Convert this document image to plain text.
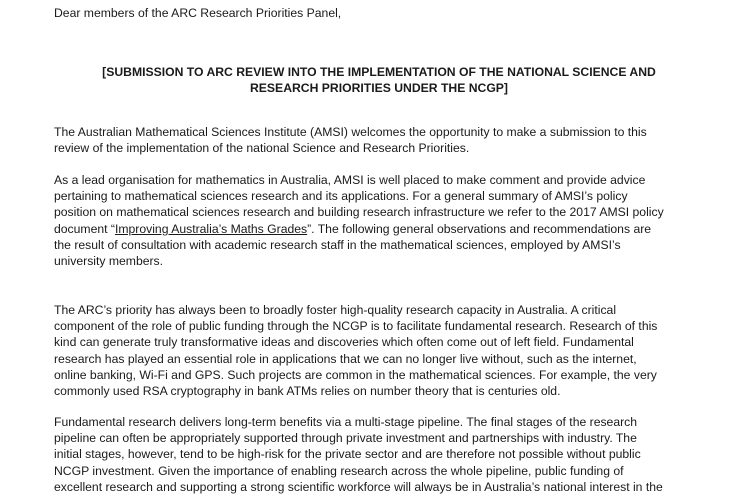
Dear members of the ARC Research Priorities Panel,
[SUBMISSION TO ARC REVIEW INTO THE IMPLEMENTATION OF THE NATIONAL SCIENCE AND
RESEARCH PRIORITIES UNDER THE NCGP]
The Australian Mathematical Sciences Institute (AMSI) welcomes the opportunity to make a submission to this
review of the implementation of the national Science and Research Priorities.
As a lead organisation for mathematics in Australia, AMSI is well placed to make comment and provide advice
pertaining to mathematical sciences research and its applications. For a general summary of AMSI’s policy
position on mathematical sciences research and building research infrastructure we refer to the 2017 AMSI policy
document “Improving Australia’s Maths Grades”. The following general observations and recommendations are
the result of consultation with academic research staff in the mathematical sciences, employed by AMSI’s
university members.
The ARC’s priority has always been to broadly foster high-quality research capacity in Australia. A critical
component of the role of public funding through the NCGP is to facilitate fundamental research. Research of this
kind can generate truly transformative ideas and discoveries which often come out of left field. Fundamental
research has played an essential role in applications that we can no longer live without, such as the internet,
online banking, Wi-Fi and GPS. Such projects are common in the mathematical sciences. For example, the very
commonly used RSA cryptography in bank ATMs relies on number theory that is centuries old.
Fundamental research delivers long-term benefits via a multi-stage pipeline. The final stages of the research
pipeline can often be appropriately supported through private investment and partnerships with industry. The
initial stages, however, tend to be high-risk for the private sector and are therefore not possible without public
NCGP investment. Given the importance of enabling research across the whole pipeline, public funding of
excellent research and supporting a strong scientific workforce will always be in Australia’s national interest in the
